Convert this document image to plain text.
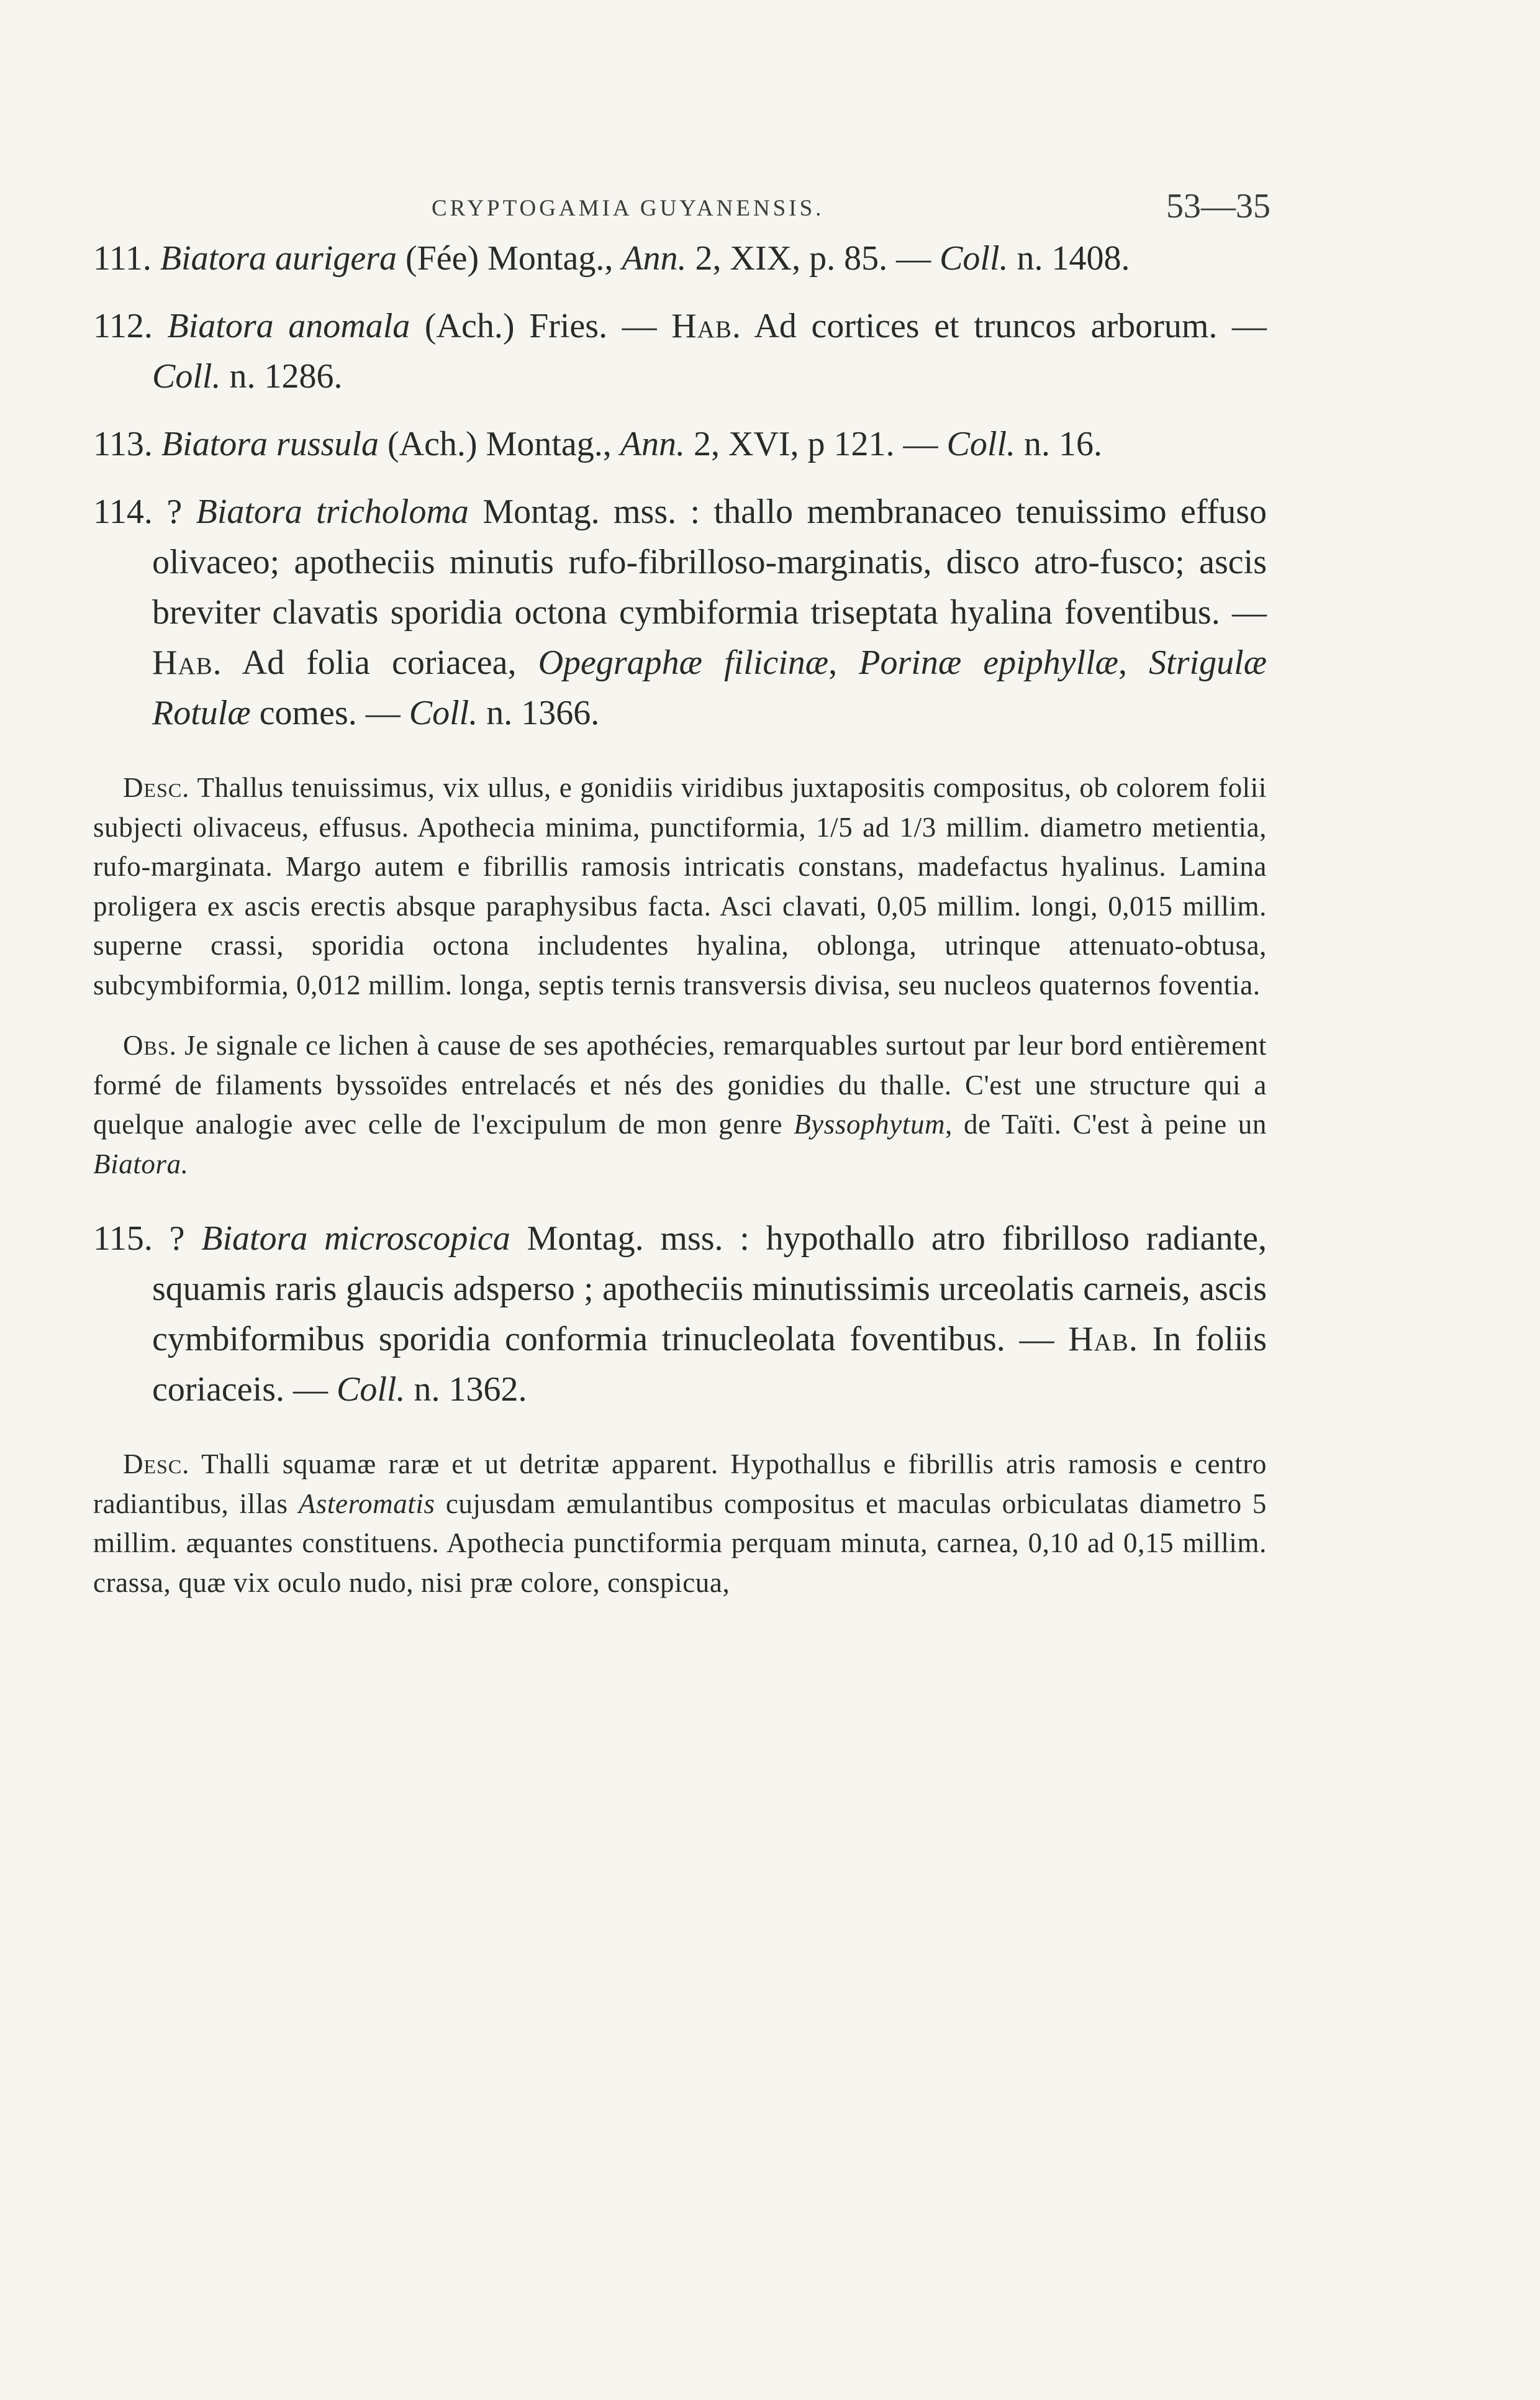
CRYPTOGAMIA GUYANENSIS.	53—35

111. Biatora aurigera (Fée) Montag., Ann. 2, XIX, p. 85. — Coll. n. 1408.

112. Biatora anomala (Ach.) Fries. — Hab. Ad cortices et truncos arborum. — Coll. n. 1286.

113. Biatora russula (Ach.) Montag., Ann. 2, XVI, p 121. — Coll. n. 16.

114. ? Biatora tricholoma Montag. mss. : thallo membranaceo tenuissimo effuso olivaceo; apotheciis minutis rufo-fibrilloso-marginatis, disco atro-fusco; ascis breviter clavatis sporidia octona cymbiformia triseptata hyalina foventibus. — Hab. Ad folia coriacea, Opegraphæ filicinæ, Porinæ epiphyllæ, Strigulæ Rotulæ comes. — Coll. n. 1366.

Desc. Thallus tenuissimus, vix ullus, e gonidiis viridibus juxtapositis compositus, ob colorem folii subjecti olivaceus, effusus. Apothecia minima, punctiformia, 1/5 ad 1/3 millim. diametro metientia, rufo-marginata. Margo autem e fibrillis ramosis intricatis constans, madefactus hyalinus. Lamina proligera ex ascis erectis absque paraphysibus facta. Asci clavati, 0,05 millim. longi, 0,015 millim. superne crassi, sporidia octona includentes hyalina, oblonga, utrinque attenuato-obtusa, subcymbiformia, 0,012 millim. longa, septis ternis transversis divisa, seu nucleos quaternos foventia.

Obs. Je signale ce lichen à cause de ses apothécies, remarquables surtout par leur bord entièrement formé de filaments byssoïdes entrelacés et nés des gonidies du thalle. C'est une structure qui a quelque analogie avec celle de l'excipulum de mon genre Byssophytum, de Taïti. C'est à peine un Biatora.

115. ? Biatora microscopica Montag. mss. : hypothallo atro fibrilloso radiante, squamis raris glaucis adsperso ; apotheciis minutissimis urceolatis carneis, ascis cymbiformibus sporidia conformia trinucleolata foventibus. — Hab. In foliis coriaceis. — Coll. n. 1362.

Desc. Thalli squamæ raræ et ut detritæ apparent. Hypothallus e fibrillis atris ramosis e centro radiantibus, illas Asteromatis cujusdam æmulantibus compositus et maculas orbiculatas diametro 5 millim. æquantes constituens. Apothecia punctiformia perquam minuta, carnea, 0,10 ad 0,15 millim. crassa, quæ vix oculo nudo, nisi præ colore, conspicua,
